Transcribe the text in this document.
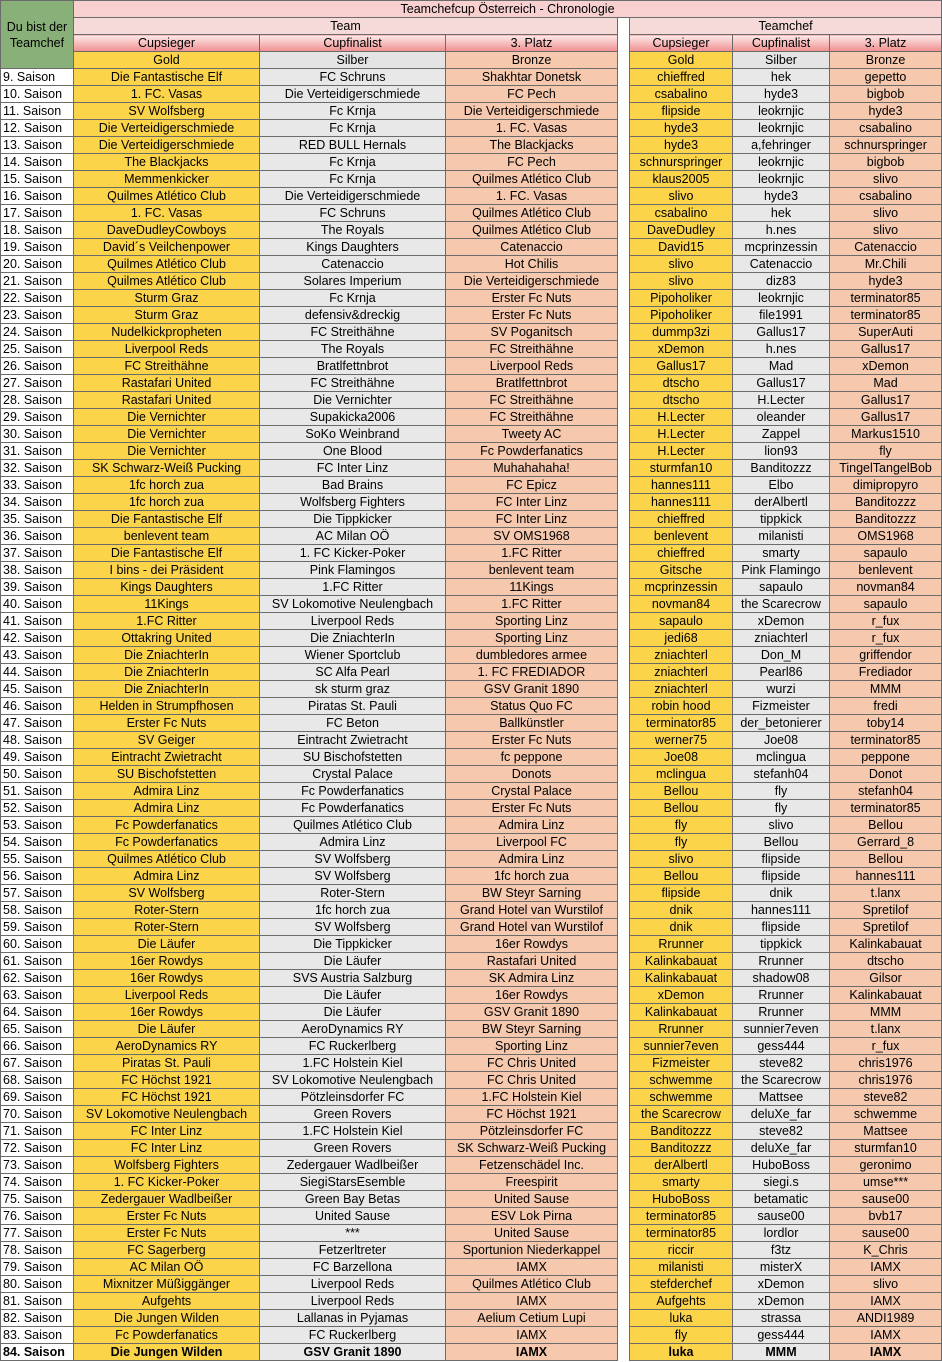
Du bist der Teamchef	Teamchefcup Österreich - Chronologie						
	Team				Teamchef		
	Cupsieger	Cupfinalist	3. Platz		Cupsieger	Cupfinalist	3. Platz
	Gold	Silber	Bronze		Gold	Silber	Bronze
9. Saison	Die Fantastische Elf	FC Schruns	Shakhtar Donetsk		chieffred	hek	gepetto
10. Saison	1. FC. Vasas	Die Verteidigerschmiede	FC Pech		csabalino	hyde3	bigbob
11. Saison	SV Wolfsberg	Fc Krnja	Die Verteidigerschmiede		flipside	leokrnjic	hyde3
12. Saison	Die Verteidigerschmiede	Fc Krnja	1. FC. Vasas		hyde3	leokrnjic	csabalino
13. Saison	Die Verteidigerschmiede	RED BULL Hernals	The Blackjacks		hyde3	a,fehringer	schnurspringer
14. Saison	The Blackjacks	Fc Krnja	FC Pech		schnurspringer	leokrnjic	bigbob
15. Saison	Memmenkicker	Fc Krnja	Quilmes Atlético Club		klaus2005	leokrnjic	slivo
16. Saison	Quilmes Atlético Club	Die Verteidigerschmiede	1. FC. Vasas		slivo	hyde3	csabalino
17. Saison	1. FC. Vasas	FC Schruns	Quilmes Atlético Club		csabalino	hek	slivo
18. Saison	DaveDudleyCowboys	The Royals	Quilmes Atlético Club		DaveDudley	h.nes	slivo
19. Saison	David´s Veilchenpower	Kings Daughters	Catenaccio		David15	mcprinzessin	Catenaccio
20. Saison	Quilmes Atlético Club	Catenaccio	Hot Chilis		slivo	Catenaccio	Mr.Chili
21. Saison	Quilmes Atlético Club	Solares Imperium	Die Verteidigerschmiede		slivo	diz83	hyde3
22. Saison	Sturm Graz	Fc Krnja	Erster Fc Nuts		Pipoholiker	leokrnjic	terminator85
23. Saison	Sturm Graz	defensiv&dreckig	Erster Fc Nuts		Pipoholiker	file1991	terminator85
24. Saison	Nudelkickpropheten	FC Streithähne	SV Poganitsch		dummp3zi	Gallus17	SuperAuti
25. Saison	Liverpool Reds	The Royals	FC Streithähne		xDemon	h.nes	Gallus17
26. Saison	FC Streithähne	Bratlfettnbrot	Liverpool Reds		Gallus17	Mad	xDemon
27. Saison	Rastafari United	FC Streithähne	Bratlfettnbrot		dtscho	Gallus17	Mad
28. Saison	Rastafari United	Die Vernichter	FC Streithähne		dtscho	H.Lecter	Gallus17
29. Saison	Die Vernichter	Supakicka2006	FC Streithähne		H.Lecter	oleander	Gallus17
30. Saison	Die Vernichter	SoKo Weinbrand	Tweety AC		H.Lecter	Zappel	Markus1510
31. Saison	Die Vernichter	One Blood	Fc Powderfanatics		H.Lecter	lion93	fly
32. Saison	SK Schwarz-Weiß Pucking	FC Inter Linz	Muhahahaha!		sturmfan10	Banditozzz	TingelTangelBob
33. Saison	1fc horch zua	Bad Brains	FC Epicz		hannes111	Elbo	dimipropyro
34. Saison	1fc horch zua	Wolfsberg Fighters	FC Inter Linz		hannes111	derAlbertl	Banditozzz
35. Saison	Die Fantastische Elf	Die Tippkicker	FC Inter Linz		chieffred	tippkick	Banditozzz
36. Saison	benlevent team	AC Milan OÖ	SV OMS1968		benlevent	milanisti	OMS1968
37. Saison	Die Fantastische Elf	1. FC Kicker-Poker	1.FC Ritter		chieffred	smarty	sapaulo
38. Saison	I bins - dei Präsident	Pink Flamingos	benlevent team		Gitsche	Pink Flamingo	benlevent
39. Saison	Kings Daughters	1.FC Ritter	11Kings		mcprinzessin	sapaulo	novman84
40. Saison	11Kings	SV Lokomotive Neulengbach	1.FC Ritter		novman84	the Scarecrow	sapaulo
41. Saison	1.FC Ritter	Liverpool Reds	Sporting Linz		sapaulo	xDemon	r_fux
42. Saison	Ottakring United	Die ZniachterIn	Sporting Linz		jedi68	zniachterl	r_fux
43. Saison	Die ZniachterIn	Wiener Sportclub	dumbledores armee		zniachterl	Don_M	griffendor
44. Saison	Die ZniachterIn	SC Alfa Pearl	1. FC FREDIADOR		zniachterl	Pearl86	Frediador
45. Saison	Die ZniachterIn	sk sturm graz	GSV Granit 1890		zniachterl	wurzi	MMM
46. Saison	Helden in Strumpfhosen	Piratas St. Pauli	Status Quo FC		robin hood	Fizmeister	fredi
47. Saison	Erster Fc Nuts	FC Beton	Ballkünstler		terminator85	der_betonierer	toby14
48. Saison	SV Geiger	Eintracht Zwietracht	Erster Fc Nuts		werner75	Joe08	terminator85
49. Saison	Eintracht Zwietracht	SU Bischofstetten	fc peppone		Joe08	mclingua	peppone
50. Saison	SU Bischofstetten	Crystal Palace	Donots		mclingua	stefanh04	Donot
51. Saison	Admira Linz	Fc Powderfanatics	Crystal Palace		Bellou	fly	stefanh04
52. Saison	Admira Linz	Fc Powderfanatics	Erster Fc Nuts		Bellou	fly	terminator85
53. Saison	Fc Powderfanatics	Quilmes Atlético Club	Admira Linz		fly	slivo	Bellou
54. Saison	Fc Powderfanatics	Admira Linz	Liverpool FC		fly	Bellou	Gerrard_8
55. Saison	Quilmes Atlético Club	SV Wolfsberg	Admira Linz		slivo	flipside	Bellou
56. Saison	Admira Linz	SV Wolfsberg	1fc horch zua		Bellou	flipside	hannes111
57. Saison	SV Wolfsberg	Roter-Stern	BW Steyr Sarning		flipside	dnik	t.lanx
58. Saison	Roter-Stern	1fc horch zua	Grand Hotel van Wurstilof		dnik	hannes111	Spretilof
59. Saison	Roter-Stern	SV Wolfsberg	Grand Hotel van Wurstilof		dnik	flipside	Spretilof
60. Saison	Die Läufer	Die Tippkicker	16er Rowdys		Rrunner	tippkick	Kalinkabauat
61. Saison	16er Rowdys	Die Läufer	Rastafari United		Kalinkabauat	Rrunner	dtscho
62. Saison	16er Rowdys	SVS Austria Salzburg	SK Admira Linz		Kalinkabauat	shadow08	Gilsor
63. Saison	Liverpool Reds	Die Läufer	16er Rowdys		xDemon	Rrunner	Kalinkabauat
64. Saison	16er Rowdys	Die Läufer	GSV Granit 1890		Kalinkabauat	Rrunner	MMM
65. Saison	Die Läufer	AeroDynamics RY	BW Steyr Sarning		Rrunner	sunnier7even	t.lanx
66. Saison	AeroDynamics RY	FC Ruckerlberg	Sporting Linz		sunnier7even	gess444	r_fux
67. Saison	Piratas St. Pauli	1.FC Holstein Kiel	FC Chris United		Fizmeister	steve82	chris1976
68. Saison	FC Höchst 1921	SV Lokomotive Neulengbach	FC Chris United		schwemme	the Scarecrow	chris1976
69. Saison	FC Höchst 1921	Pötzleinsdorfer FC	1.FC Holstein Kiel		schwemme	Mattsee	steve82
70. Saison	SV Lokomotive Neulengbach	Green Rovers	FC Höchst 1921		the Scarecrow	deluXe_far	schwemme
71. Saison	FC Inter Linz	1.FC Holstein Kiel	Pötzleinsdorfer FC		Banditozzz	steve82	Mattsee
72. Saison	FC Inter Linz	Green Rovers	SK Schwarz-Weiß Pucking		Banditozzz	deluXe_far	sturmfan10
73. Saison	Wolfsberg Fighters	Zedergauer Wadlbeißer	Fetzenschädel Inc.		derAlbertl	HuboBoss	geronimo
74. Saison	1. FC Kicker-Poker	SiegiStarsEsemble	Freespirit		smarty	siegi.s	umse***
75. Saison	Zedergauer Wadlbeißer	Green Bay Betas	United Sause		HuboBoss	betamatic	sause00
76. Saison	Erster Fc Nuts	United Sause	ESV Lok Pirna		terminator85	sause00	bvb17
77. Saison	Erster Fc Nuts	***	United Sause		terminator85	lordlor	sause00
78. Saison	FC Sagerberg	Fetzerltreter	Sportunion Niederkappel		riccir	f3tz	K_Chris
79. Saison	AC Milan OÖ	FC Barzellona	IAMX		milanisti	misterX	IAMX
80. Saison	Mixnitzer Müßiggänger	Liverpool Reds	Quilmes Atlético Club		stefderchef	xDemon	slivo
81. Saison	Aufgehts	Liverpool Reds	IAMX		Aufgehts	xDemon	IAMX
82. Saison	Die Jungen Wilden	Lallanas in Pyjamas	Aelium Cetium Lupi		luka	strassa	ANDI1989
83. Saison	Fc Powderfanatics	FC Ruckerlberg	IAMX		fly	gess444	IAMX
84. Saison	Die Jungen Wilden	GSV Granit 1890	IAMX		luka	MMM	IAMX
